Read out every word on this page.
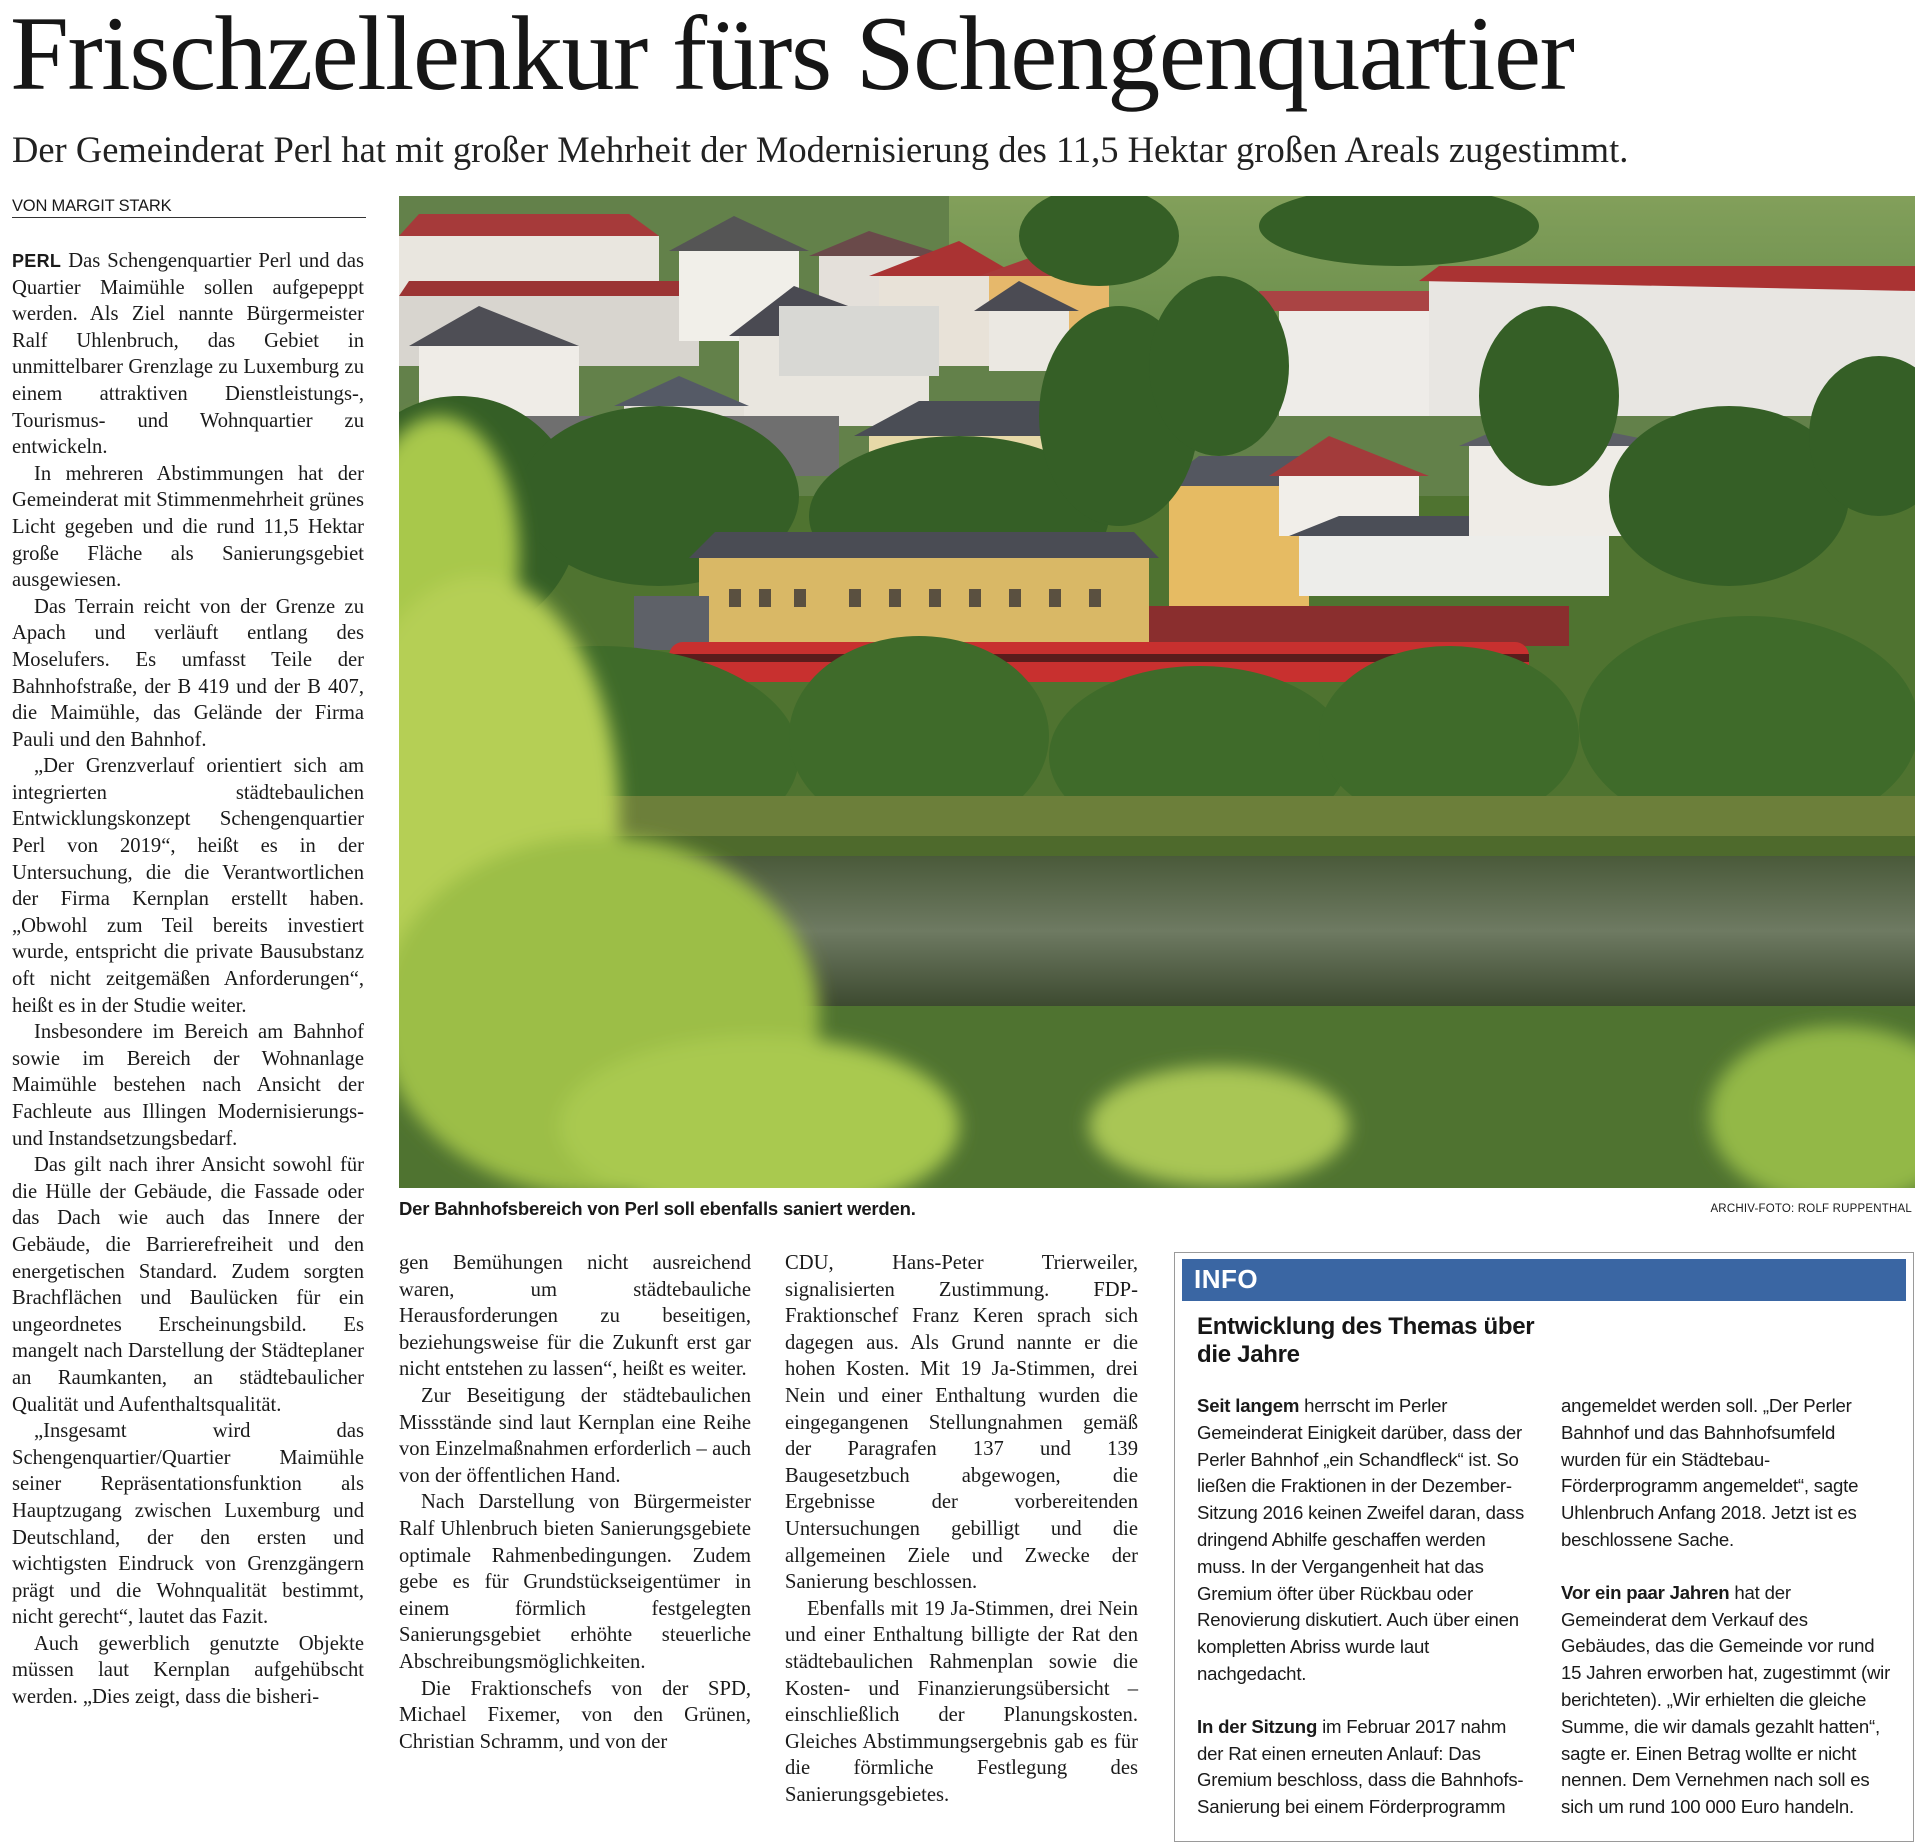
Frischzellenkur fürs Schengenquartier
Der Gemeinderat Perl hat mit großer Mehrheit der Modernisierung des 11,5 Hektar großen Areals zugestimmt.
VON MARGIT STARK

PERL Das Schengenquartier Perl und das Quartier Maimühle sollen aufgepeppt werden. Als Ziel nannte Bürgermeister Ralf Uhlenbruch, das Gebiet in unmittelbarer Grenzlage zu Luxemburg zu einem attraktiven Dienstleistungs-, Tourismus- und Wohnquartier zu entwickeln.

In mehreren Abstimmungen hat der Gemeinderat mit Stimmenmehrheit grünes Licht gegeben und die rund 11,5 Hektar große Fläche als Sanierungsgebiet ausgewiesen.

Das Terrain reicht von der Grenze zu Apach und verläuft entlang des Moselufers. Es umfasst Teile der Bahnhofstraße, der B 419 und der B 407, die Maimühle, das Gelände der Firma Pauli und den Bahnhof.

„Der Grenzverlauf orientiert sich am integrierten städtebaulichen Entwicklungskonzept Schengenquartier Perl von 2019“, heißt es in der Untersuchung, die die Verantwortlichen der Firma Kernplan erstellt haben. „Obwohl zum Teil bereits investiert wurde, entspricht die private Bausubstanz oft nicht zeitgemäßen Anforderungen“, heißt es in der Studie weiter.

Insbesondere im Bereich am Bahnhof sowie im Bereich der Wohnanlage Maimühle bestehen nach Ansicht der Fachleute aus Illingen Modernisierungs- und Instandsetzungsbedarf.

Das gilt nach ihrer Ansicht sowohl für die Hülle der Gebäude, die Fassade oder das Dach wie auch das Innere der Gebäude, die Barrierefreiheit und den energetischen Standard. Zudem sorgten Brachflächen und Baulücken für ein ungeordnetes Erscheinungsbild. Es mangelt nach Darstellung der Städteplaner an Raumkanten, an städtebaulicher Qualität und Aufenthaltsqualität.

„Insgesamt wird das Schengenquartier/Quartier Maimühle seiner Repräsentationsfunktion als Hauptzugang zwischen Luxemburg und Deutschland, der den ersten und wichtigsten Eindruck von Grenzgängern prägt und die Wohnqualität bestimmt, nicht gerecht“, lautet das Fazit.

Auch gewerblich genutzte Objekte müssen laut Kernplan aufgehübscht werden. „Dies zeigt, dass die bisheri-

Der Bahnhofsbereich von Perl soll ebenfalls saniert werden.	ARCHIV-FOTO: ROLF RUPPENTHAL

gen Bemühungen nicht ausreichend waren, um städtebauliche Herausforderungen zu beseitigen, beziehungsweise für die Zukunft erst gar nicht entstehen zu lassen“, heißt es weiter.

Zur Beseitigung der städtebaulichen Missstände sind laut Kernplan eine Reihe von Einzelmaßnahmen erforderlich – auch von der öffentlichen Hand.

Nach Darstellung von Bürgermeister Ralf Uhlenbruch bieten Sanierungsgebiete optimale Rahmenbedingungen. Zudem gebe es für Grundstückseigentümer in einem förmlich festgelegten Sanierungsgebiet erhöhte steuerliche Abschreibungsmöglichkeiten.

Die Fraktionschefs von der SPD, Michael Fixemer, von den Grünen, Christian Schramm, und von der

CDU, Hans-Peter Trierweiler, signalisierten Zustimmung. FDP-Fraktionschef Franz Keren sprach sich dagegen aus. Als Grund nannte er die hohen Kosten. Mit 19 Ja-Stimmen, drei Nein und einer Enthaltung wurden die eingegangenen Stellungnahmen gemäß der Paragrafen 137 und 139 Baugesetzbuch abgewogen, die Ergebnisse der vorbereitenden Untersuchungen gebilligt und die allgemeinen Ziele und Zwecke der Sanierung beschlossen.

Ebenfalls mit 19 Ja-Stimmen, drei Nein und einer Enthaltung billigte der Rat den städtebaulichen Rahmenplan sowie die Kosten- und Finanzierungsübersicht – einschließlich der Planungskosten. Gleiches Abstimmungsergebnis gab es für die förmliche Festlegung des Sanierungsgebietes.

INFO
Entwicklung des Themas über die Jahre

Seit langem herrscht im Perler Gemeinderat Einigkeit darüber, dass der Perler Bahnhof „ein Schandfleck“ ist. So ließen die Fraktionen in der Dezember-Sitzung 2016 keinen Zweifel daran, dass dringend Abhilfe geschaffen werden muss. In der Vergangenheit hat das Gremium öfter über Rückbau oder Renovierung diskutiert. Auch über einen kompletten Abriss wurde laut nachgedacht.

In der Sitzung im Februar 2017 nahm der Rat einen erneuten Anlauf: Das Gremium beschloss, dass die Bahnhofs-Sanierung bei einem Förderprogramm angemeldet werden soll. „Der Perler Bahnhof und das Bahnhofsumfeld wurden für ein Städtebau-Förderprogramm angemeldet“, sagte Uhlenbruch Anfang 2018. Jetzt ist es beschlossene Sache.

Vor ein paar Jahren hat der Gemeinderat dem Verkauf des Gebäudes, das die Gemeinde vor rund 15 Jahren erworben hat, zugestimmt (wir berichteten). „Wir erhielten die gleiche Summe, die wir damals gezahlt hatten“, sagte er. Einen Betrag wollte er nicht nennen. Dem Vernehmen nach soll es sich um rund 100 000 Euro handeln.
